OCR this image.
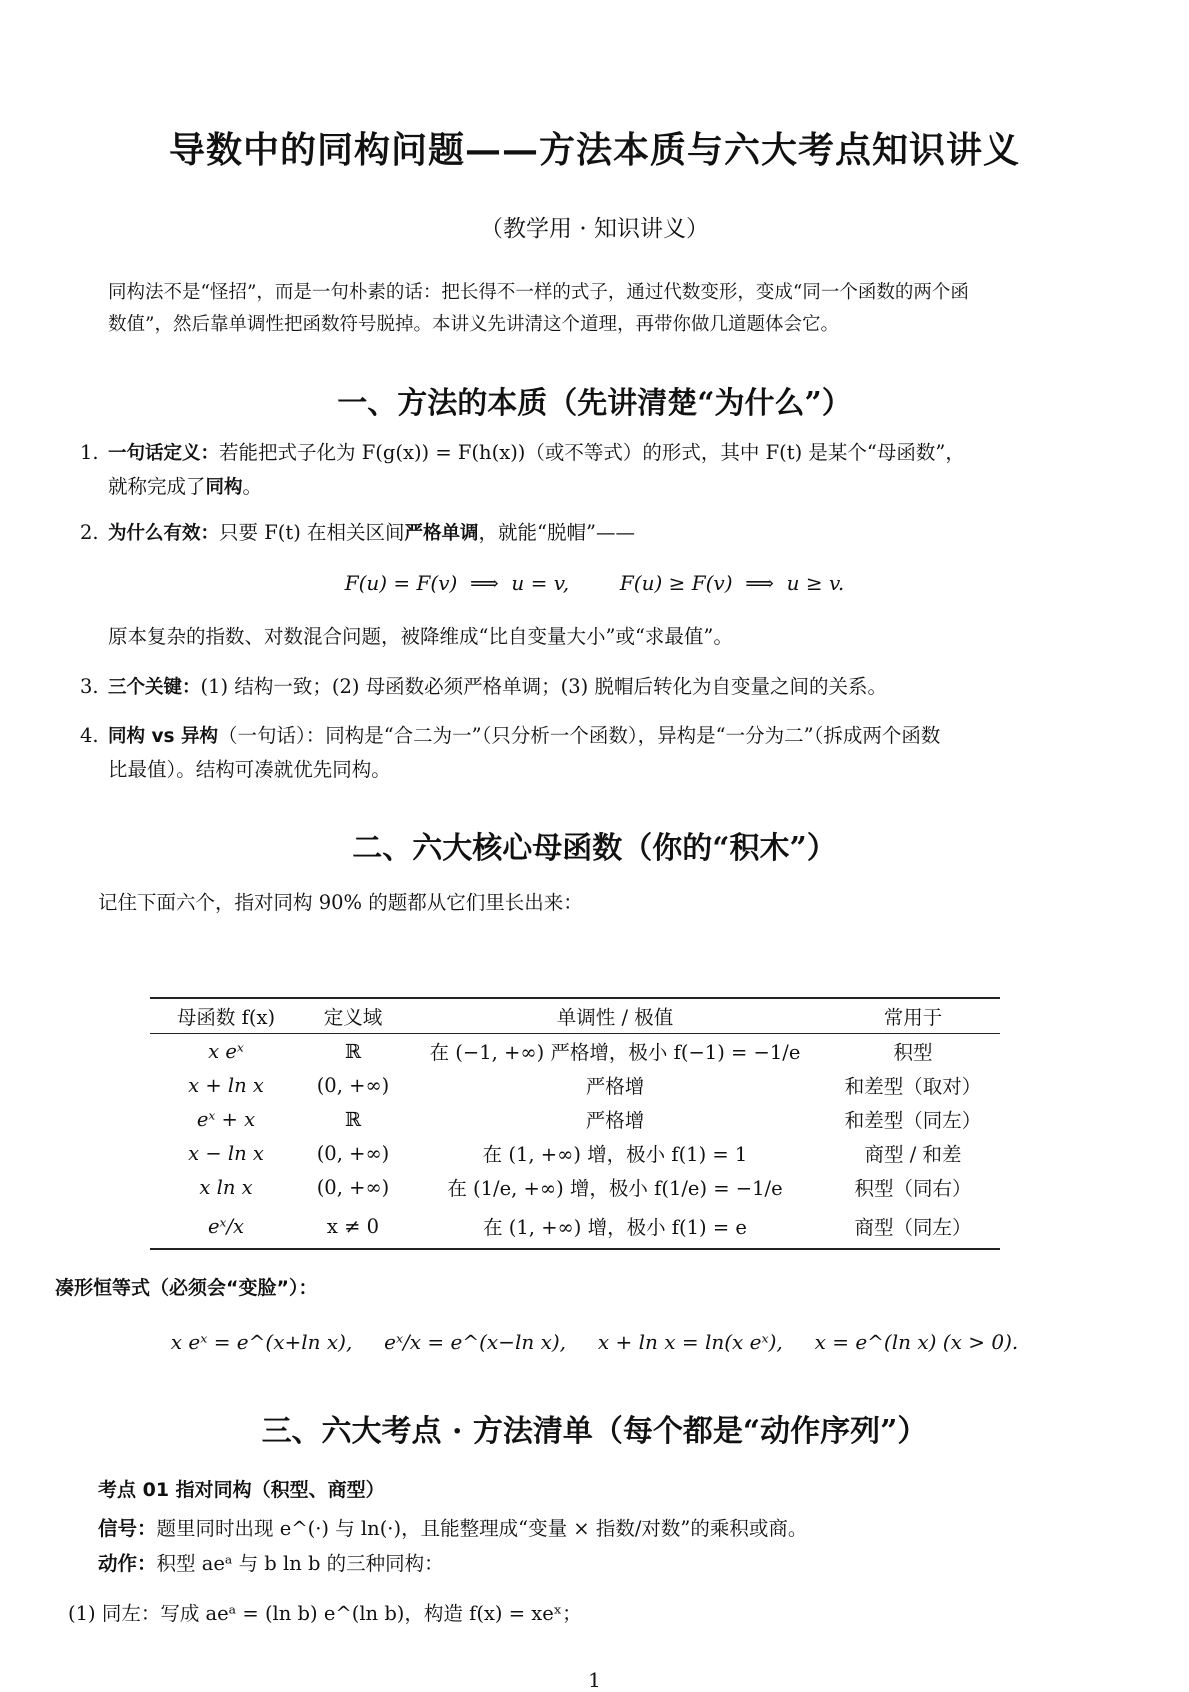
导数中的同构问题——方法本质与六大考点知识讲义
（教学用 · 知识讲义）
同构法不是“怪招”，而是一句朴素的话：把长得不一样的式子，通过代数变形，变成“同一个函数的两个函
数值”，然后靠单调性把函数符号脱掉。本讲义先讲清这个道理，再带你做几道题体会它。
一、方法的本质（先讲清楚“为什么”）
1. 一句话定义：若能把式子化为 F(g(x)) = F(h(x))（或不等式）的形式，其中 F(t) 是某个“母函数”，
就称完成了同构。
2. 为什么有效：只要 F(t) 在相关区间严格单调，就能“脱帽”——
F(u) = F(v)  ⟹  u = v,        F(u) ≥ F(v)  ⟹  u ≥ v.
原本复杂的指数、对数混合问题，被降维成“比自变量大小”或“求最值”。
3. 三个关键：(1) 结构一致；(2) 母函数必须严格单调；(3) 脱帽后转化为自变量之间的关系。
4. 同构 vs 异构（一句话）：同构是“合二为一”（只分析一个函数），异构是“一分为二”（拆成两个函数
比最值）。结构可凑就优先同构。
二、六大核心母函数（你的“积木”）
记住下面六个，指对同构 90% 的题都从它们里长出来：
母函数 f(x)	定义域	单调性 / 极值	常用于
x eˣ	ℝ	在 (−1, +∞) 严格增，极小 f(−1) = −1/e	积型
x + ln x	(0, +∞)	严格增	和差型（取对）
eˣ + x	ℝ	严格增	和差型（同左）
x − ln x	(0, +∞)	在 (1, +∞) 增，极小 f(1) = 1	商型 / 和差
x ln x	(0, +∞)	在 (1/e, +∞) 增，极小 f(1/e) = −1/e	积型（同右）
eˣ/x	x ≠ 0	在 (1, +∞) 增，极小 f(1) = e	商型（同左）
凑形恒等式（必须会“变脸”）：
x eˣ = e^(x+ln x),     eˣ/x = e^(x−ln x),     x + ln x = ln(x eˣ),     x = e^(ln x) (x > 0).
三、六大考点 · 方法清单（每个都是“动作序列”）
考点 01 指对同构（积型、商型）
信号：题里同时出现 e^(·) 与 ln(·)，且能整理成“变量 × 指数/对数”的乘积或商。
动作：积型 aeᵃ 与 b ln b 的三种同构：
(1) 同左：写成 aeᵃ = (ln b) e^(ln b)，构造 f(x) = xeˣ；
1
